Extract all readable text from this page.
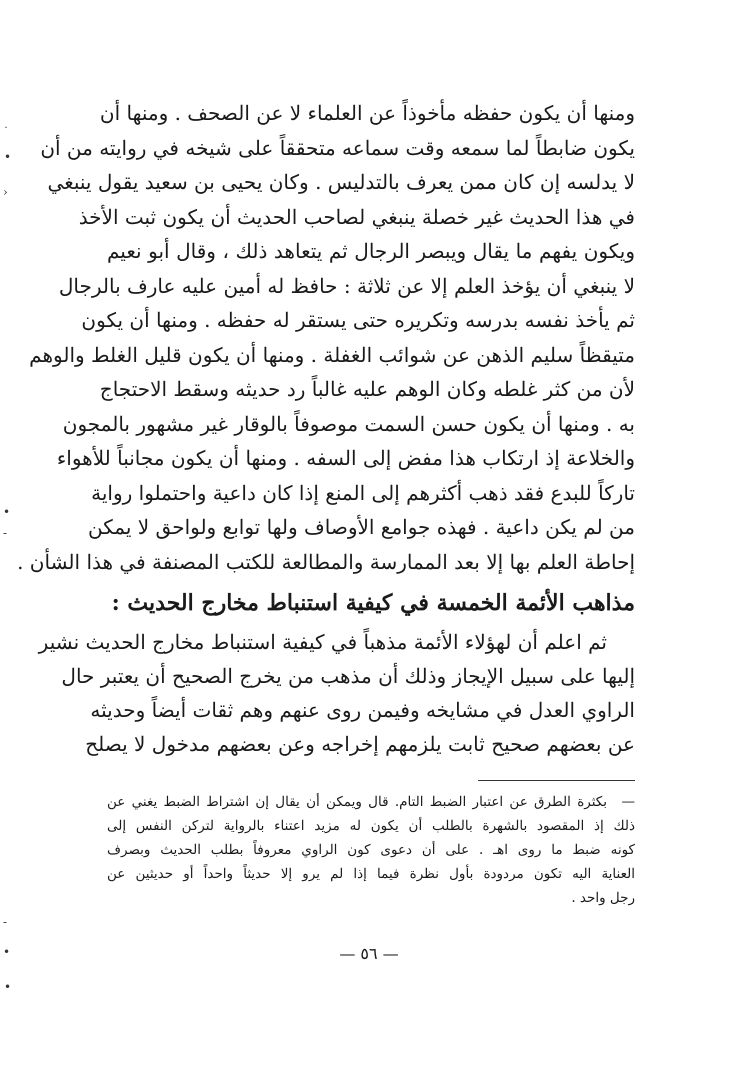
ومنها أن يكون حفظه مأخوذاً عن العلماء لا عن الصحف . ومنها أن
يكون ضابطاً لما سمعه وقت سماعه متحققاً على شيخه في روايته من أن
لا يدلسه إن كان ممن يعرف بالتدليس . وكان يحيى بن سعيد يقول ينبغي
في هذا الحديث غير خصلة ينبغي لصاحب الحديث أن يكون ثبت الأخذ
ويكون يفهم ما يقال ويبصر الرجال ثم يتعاهد ذلك ، وقال أبو نعيم
لا ينبغي أن يؤخذ العلم إلا عن ثلاثة : حافظ له أمين عليه عارف بالرجال
ثم يأخذ نفسه بدرسه وتكريره حتى يستقر له حفظه . ومنها أن يكون
متيقظاً سليم الذهن عن شوائب الغفلة . ومنها أن يكون قليل الغلط والوهم
لأن من كثر غلطه وكان الوهم عليه غالباً رد حديثه وسقط الاحتجاج
به . ومنها أن يكون حسن السمت موصوفاً بالوقار غير مشهور بالمجون
والخلاعة إذ ارتكاب هذا مفض إلى السفه . ومنها أن يكون مجانباً للأهواء
تاركاً للبدع فقد ذهب أكثرهم إلى المنع إذا كان داعية واحتملوا رواية
من لم يكن داعية . فهذه جوامع الأوصاف ولها توابع ولواحق لا يمكن
إحاطة العلم بها إلا بعد الممارسة والمطالعة للكتب المصنفة في هذا الشأن .
مذاهب الأئمة الخمسة في كيفية استنباط مخارج الحديث :
ثم اعلم أن لهؤلاء الأئمة مذهباً في كيفية استنباط مخارج الحديث نشير
إليها على سبيل الإيجاز وذلك أن مذهب من يخرج الصحيح أن يعتبر حال
الراوي العدل في مشايخه وفيمن روى عنهم وهم ثقات أيضاً وحديثه
عن بعضهم صحيح ثابت يلزمهم إخراجه وعن بعضهم مدخول لا يصلح
—
بكثرة الطرق عن اعتبار الضبط التام. قال ويمكن أن يقال إن اشتراط الضبط يغني عن
ذلك إذ المقصود بالشهرة بالطلب أن يكون له مزيد اعتناء بالرواية لتركن النفس إلى
كونه ضبط ما روى اهـ . على أن دعوى كون الراوي معروفاً بطلب الحديث وبصرف
العناية اليه تكون مردودة بأول نظرة فيما إذا لم يرو إلا حديثاً واحداً أو حديثين عن
رجل واحد .
— ٥٦ —
˙
•
›
•
-
-
•
•
